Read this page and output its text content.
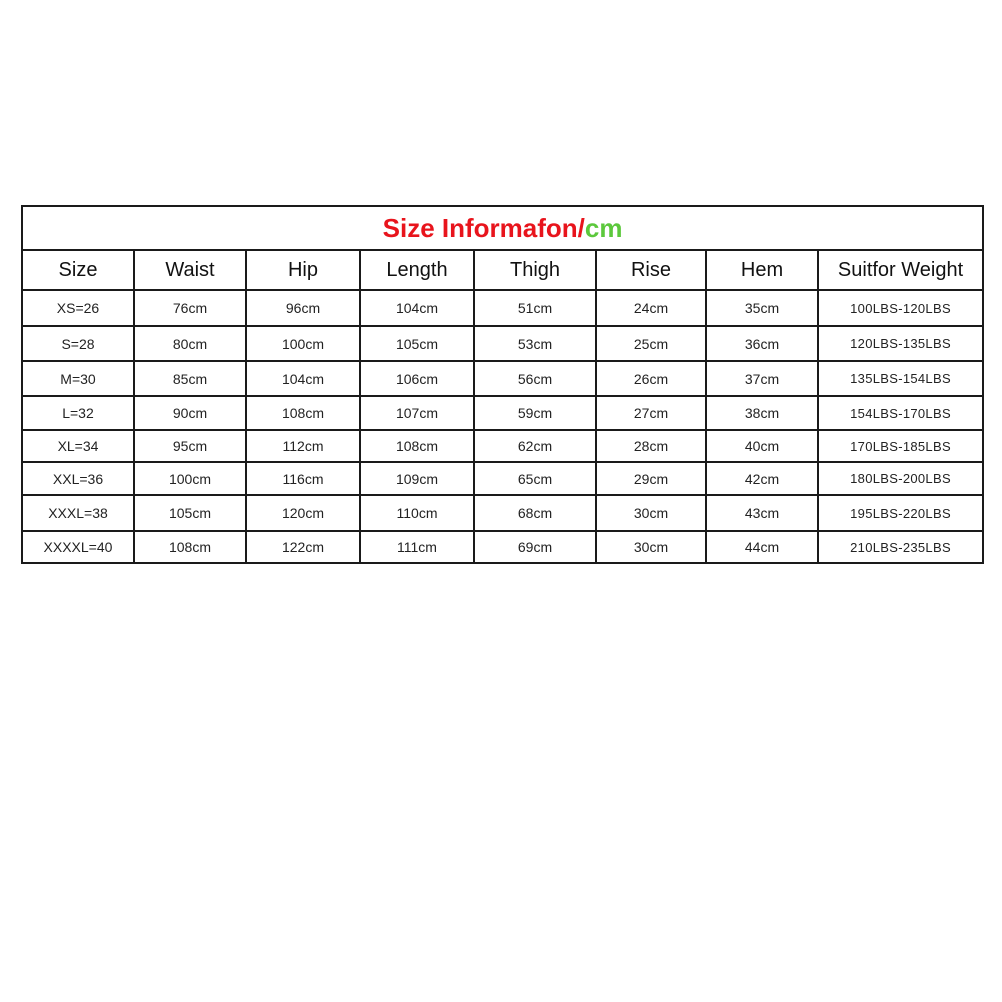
Size Informafon/cm							
Size	Waist	Hip	Length	Thigh	Rise	Hem	Suitfor Weight
XS=26	76cm	96cm	104cm	51cm	24cm	35cm	100LBS-120LBS
S=28	80cm	100cm	105cm	53cm	25cm	36cm	120LBS-135LBS
M=30	85cm	104cm	106cm	56cm	26cm	37cm	135LBS-154LBS
L=32	90cm	108cm	107cm	59cm	27cm	38cm	154LBS-170LBS
XL=34	95cm	112cm	108cm	62cm	28cm	40cm	170LBS-185LBS
XXL=36	100cm	116cm	109cm	65cm	29cm	42cm	180LBS-200LBS
XXXL=38	105cm	120cm	110cm	68cm	30cm	43cm	195LBS-220LBS
XXXXL=40	108cm	122cm	111cm	69cm	30cm	44cm	210LBS-235LBS
